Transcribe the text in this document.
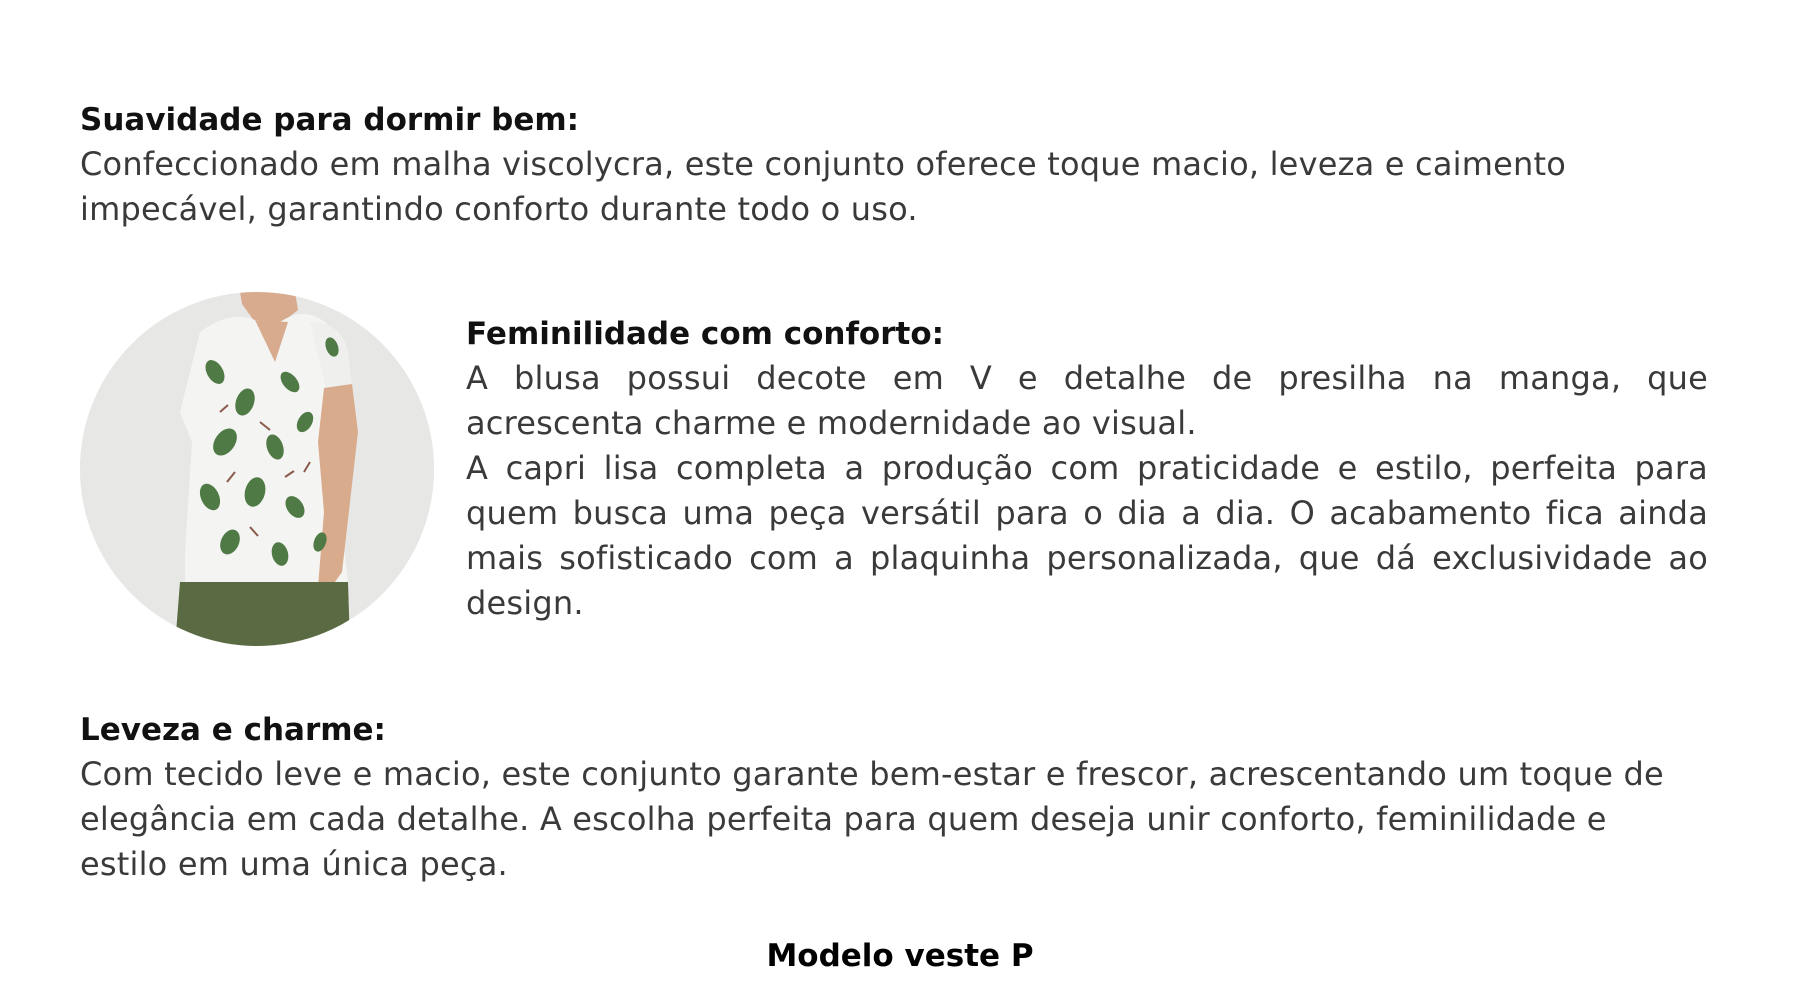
Suavidade para dormir bem:

Confeccionado em malha viscolycra, este conjunto oferece toque macio, leveza e caimento impecável, garantindo conforto durante todo o uso.

Feminilidade com conforto:

A blusa possui decote em V e detalhe de presilha na manga, que acrescenta charme e modernidade ao visual.

A capri lisa completa a produção com praticidade e estilo, perfeita para quem busca uma peça versátil para o dia a dia. O acabamento fica ainda mais sofisticado com a plaquinha personalizada, que dá exclusividade ao design.

Leveza e charme:

Com tecido leve e macio, este conjunto garante bem-estar e frescor, acrescentando um toque de elegância em cada detalhe. A escolha perfeita para quem deseja unir conforto, feminilidade e estilo em uma única peça.

Modelo veste P
